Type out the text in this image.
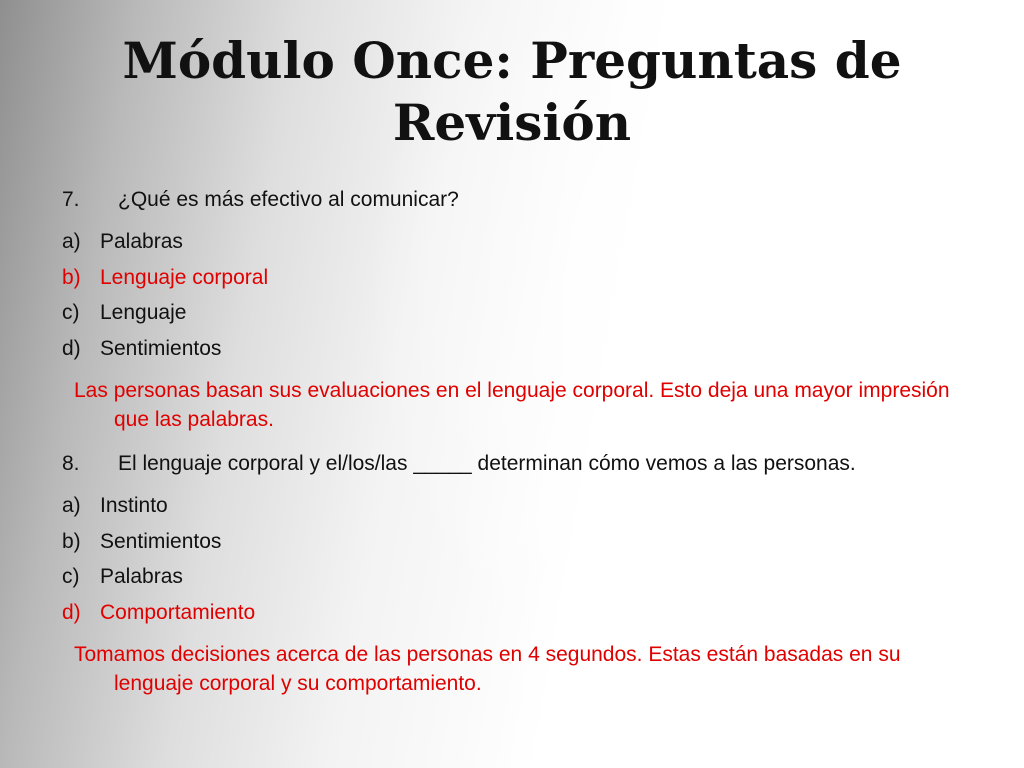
Módulo Once: Preguntas de Revisión
7.	¿Qué es más efectivo al comunicar?
a) Palabras
b) Lenguaje corporal
c) Lenguaje
d) Sentimientos
Las personas basan sus evaluaciones en el lenguaje corporal. Esto deja una mayor impresión que las palabras.
8.	El lenguaje corporal y el/los/las _____ determinan cómo vemos a las personas.
a) Instinto
b) Sentimientos
c) Palabras
d) Comportamiento
Tomamos decisiones acerca de las personas en 4 segundos. Estas están basadas en su lenguaje corporal y su comportamiento.
